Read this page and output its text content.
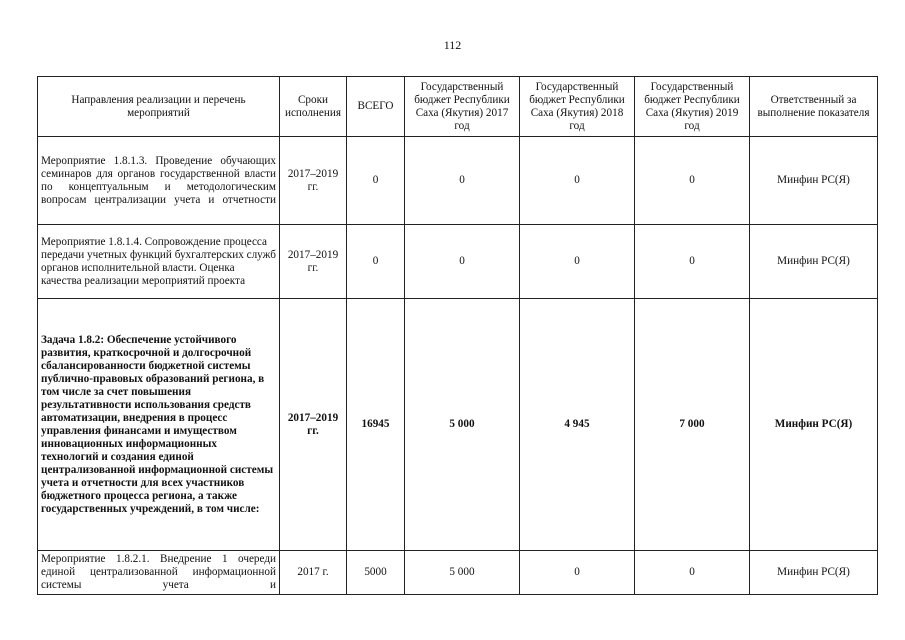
112
Направления реализации и перечень мероприятий	Сроки исполнения	ВСЕГО	Государственный бюджет Республики Саха (Якутия) 2017 год	Государственный бюджет Республики Саха (Якутия) 2018 год	Государственный бюджет Республики Саха (Якутия) 2019 год	Ответственный за выполнение показателя
Мероприятие 1.8.1.3. Проведение обучающих семинаров для органов государственной власти по концептуальным и методологическим вопросам централизации учета и отчетности	2017–2019 гг.	0	0	0	0	Минфин РС(Я)
Мероприятие 1.8.1.4. Сопровождение процесса передачи учетных функций бухгалтерских служб органов исполнительной власти. Оценка качества реализации мероприятий проекта	2017–2019 гг.	0	0	0	0	Минфин РС(Я)
Задача 1.8.2: Обеспечение устойчивого развития, краткосрочной и долгосрочной сбалансированности бюджетной системы публично-правовых образований региона, в том числе за счет повышения результативности использования средств автоматизации, внедрения в процесс управления финансами и имуществом инновационных информационных технологий и создания единой централизованной информационной системы учета и отчетности для всех участников бюджетного процесса региона, а также государственных учреждений, в том числе:	2017–2019 гг.	16945	5 000	4 945	7 000	Минфин РС(Я)
Мероприятие 1.8.2.1. Внедрение 1 очереди единой централизованной информационной системы учета и	2017 г.	5000	5 000	0	0	Минфин РС(Я)
